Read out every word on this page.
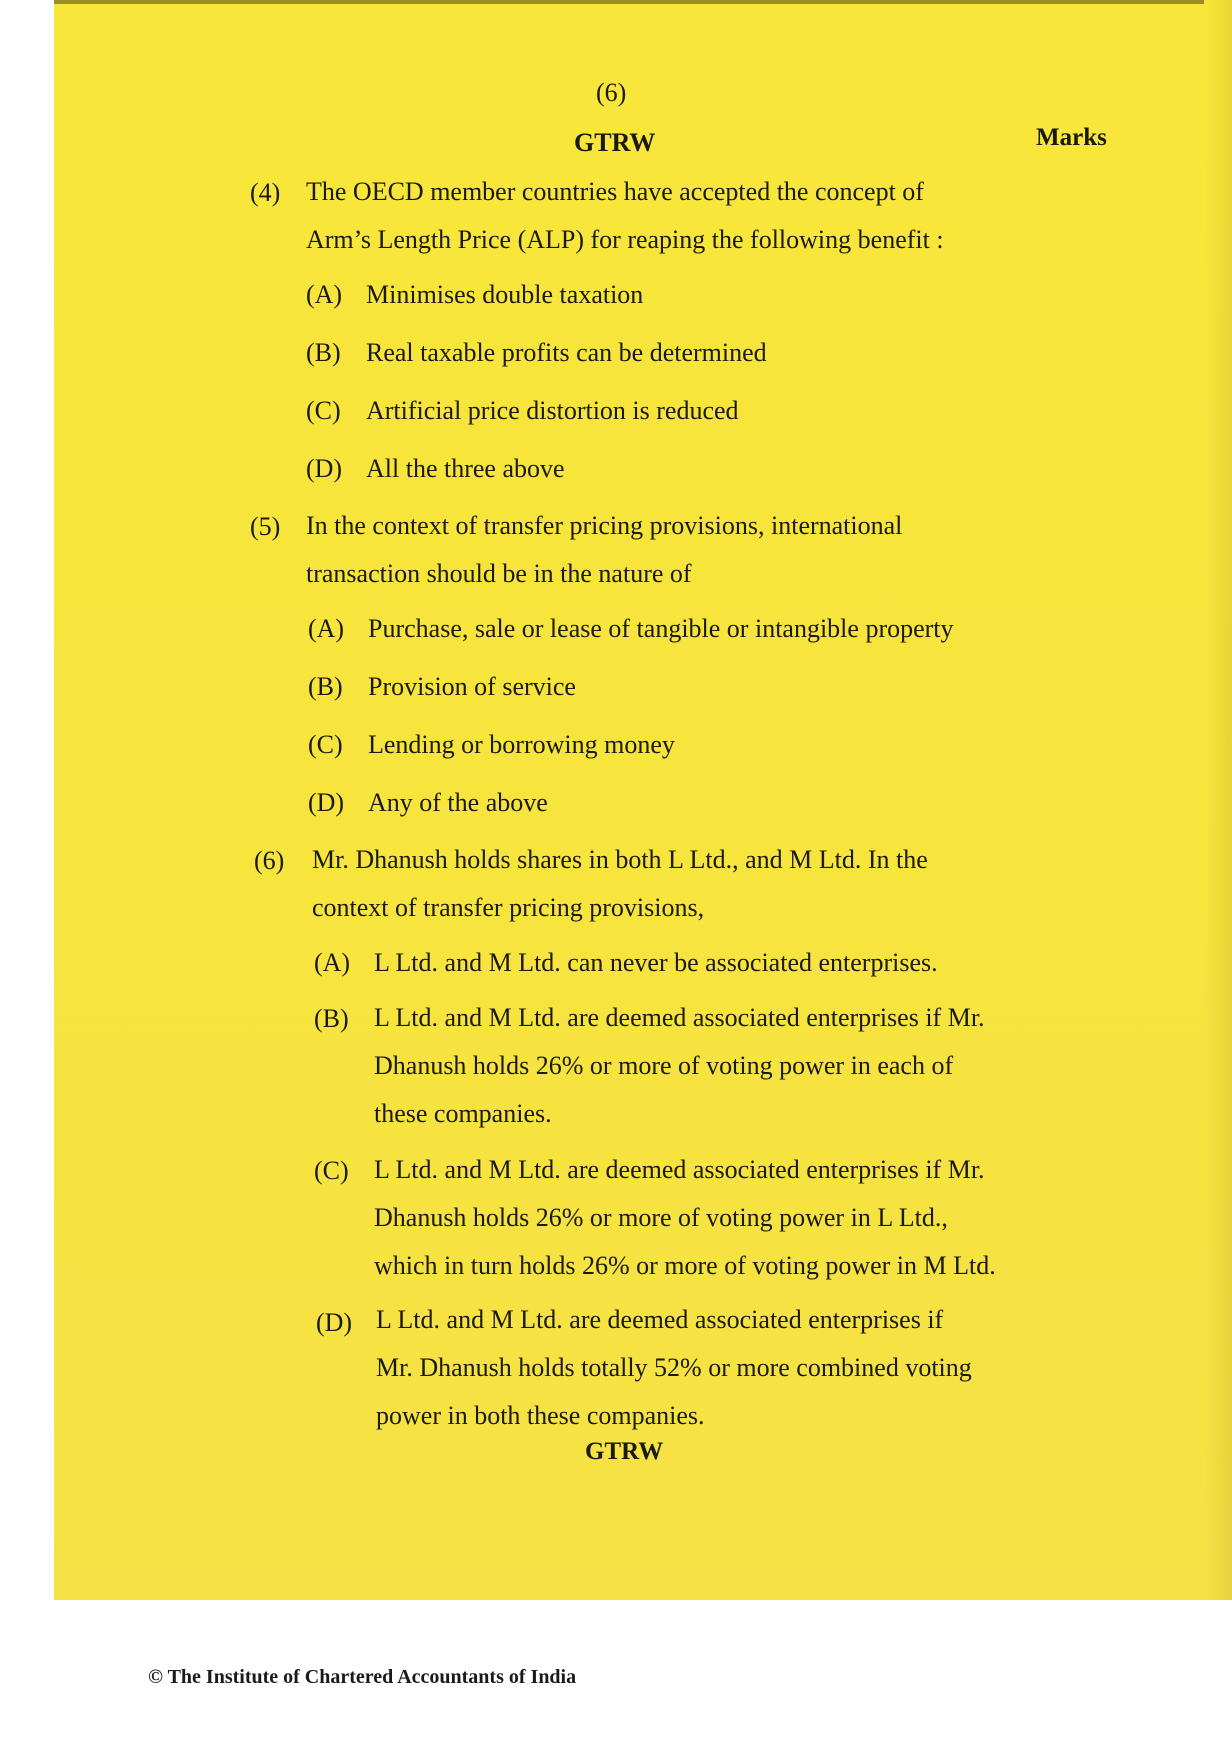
(6)
GTRW	Marks
(4) The OECD member countries have accepted the concept of
Arm’s Length Price (ALP) for reaping the following benefit :
(A) Minimises double taxation
(B) Real taxable profits can be determined
(C) Artificial price distortion is reduced
(D) All the three above
(5) In the context of transfer pricing provisions, international
transaction should be in the nature of
(A) Purchase, sale or lease of tangible or intangible property
(B) Provision of service
(C) Lending or borrowing money
(D) Any of the above
(6) Mr. Dhanush holds shares in both L Ltd., and M Ltd. In the
context of transfer pricing provisions,
(A) L Ltd. and M Ltd. can never be associated enterprises.
(B) L Ltd. and M Ltd. are deemed associated enterprises if Mr.
Dhanush holds 26% or more of voting power in each of
these companies.
(C) L Ltd. and M Ltd. are deemed associated enterprises if Mr.
Dhanush holds 26% or more of voting power in L Ltd.,
which in turn holds 26% or more of voting power in M Ltd.
(D) L Ltd. and M Ltd. are deemed associated enterprises if
Mr. Dhanush holds totally 52% or more combined voting
power in both these companies.
GTRW
© The Institute of Chartered Accountants of India
